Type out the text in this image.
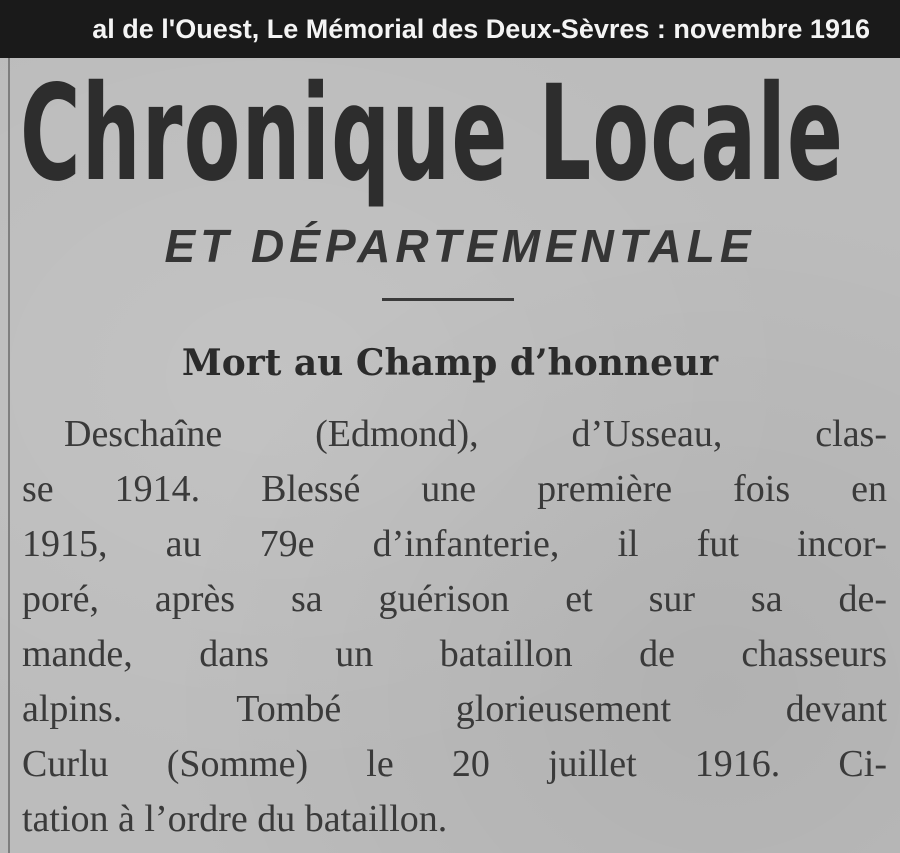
al de l'Ouest, Le Mémorial des Deux-Sèvres : novembre 1916
Chronique Locale
ET DÉPARTEMENTALE
Mort au Champ d’honneur
Deschaîne (Edmond), d’Usseau, clas-
se 1914. Blessé une première fois en
1915, au 79e d’infanterie, il fut incor-
poré, après sa guérison et sur sa de-
mande, dans un bataillon de chasseurs
alpins. Tombé glorieusement devant
Curlu (Somme) le 20 juillet 1916. Ci-
tation à l’ordre du bataillon.
